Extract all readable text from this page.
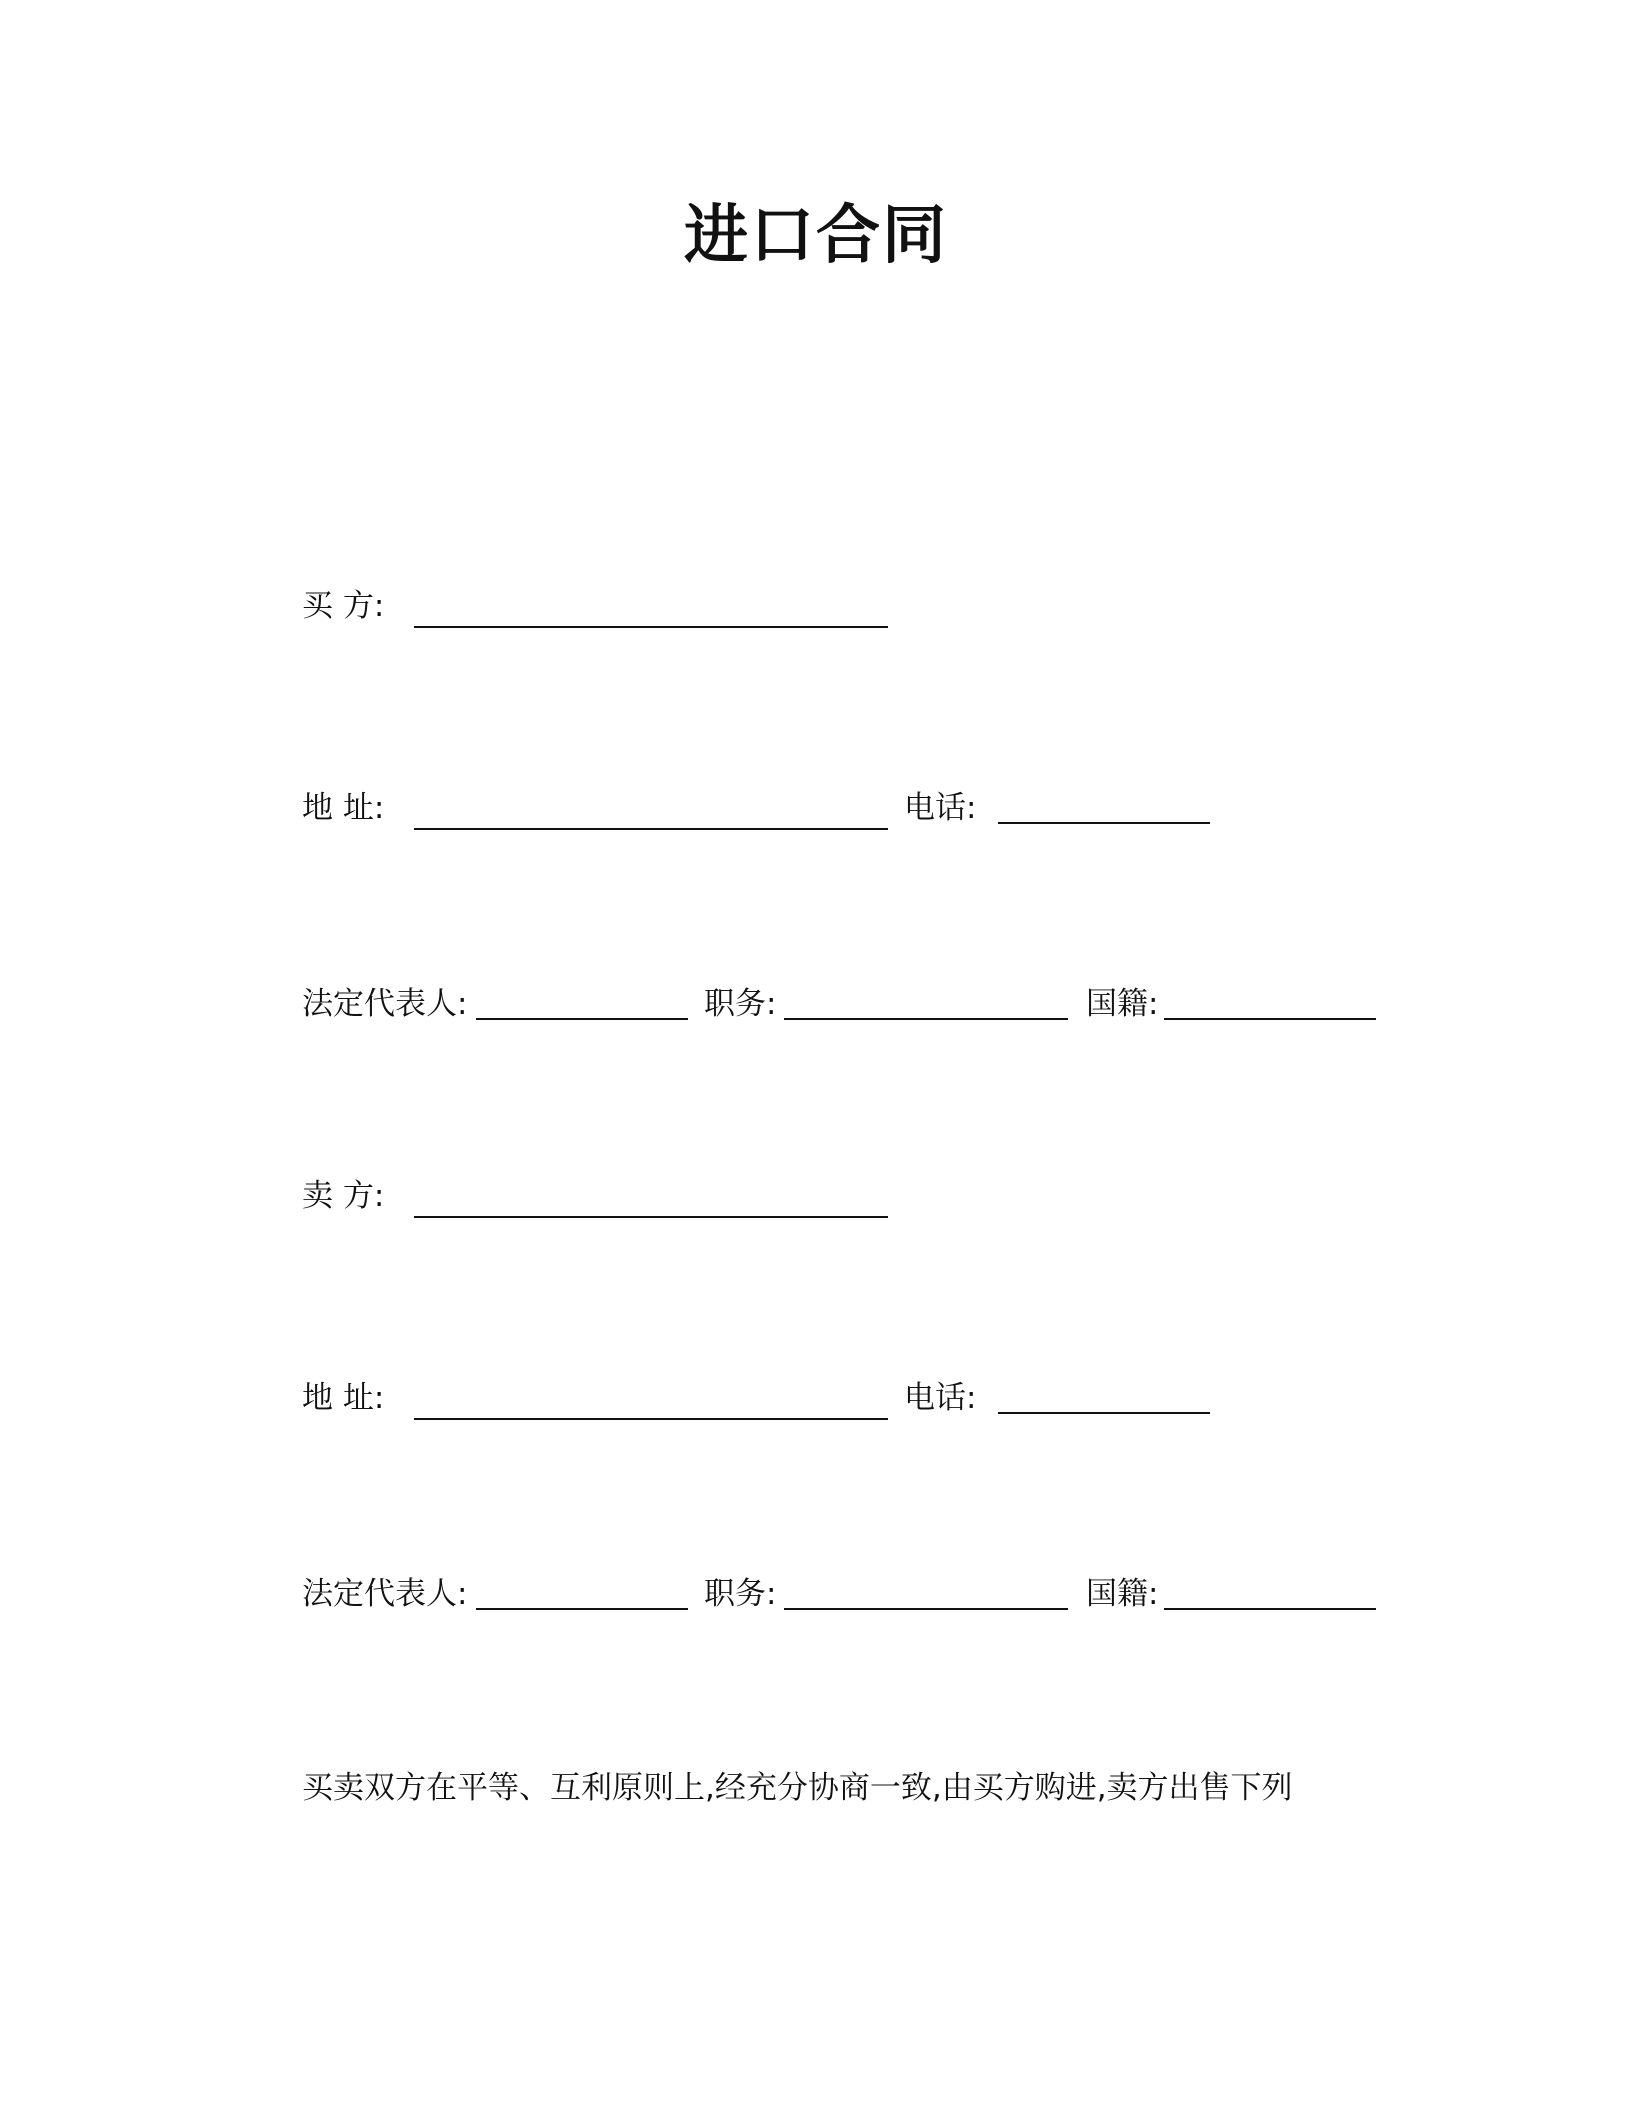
进口合同
买 方:
地 址:	电话:
法定代表人:	职务:	国籍:
卖 方:
地 址:	电话:
法定代表人:	职务:	国籍:
买卖双方在平等、互利原则上,经充分协商一致,由买方购进,卖方出售下列
